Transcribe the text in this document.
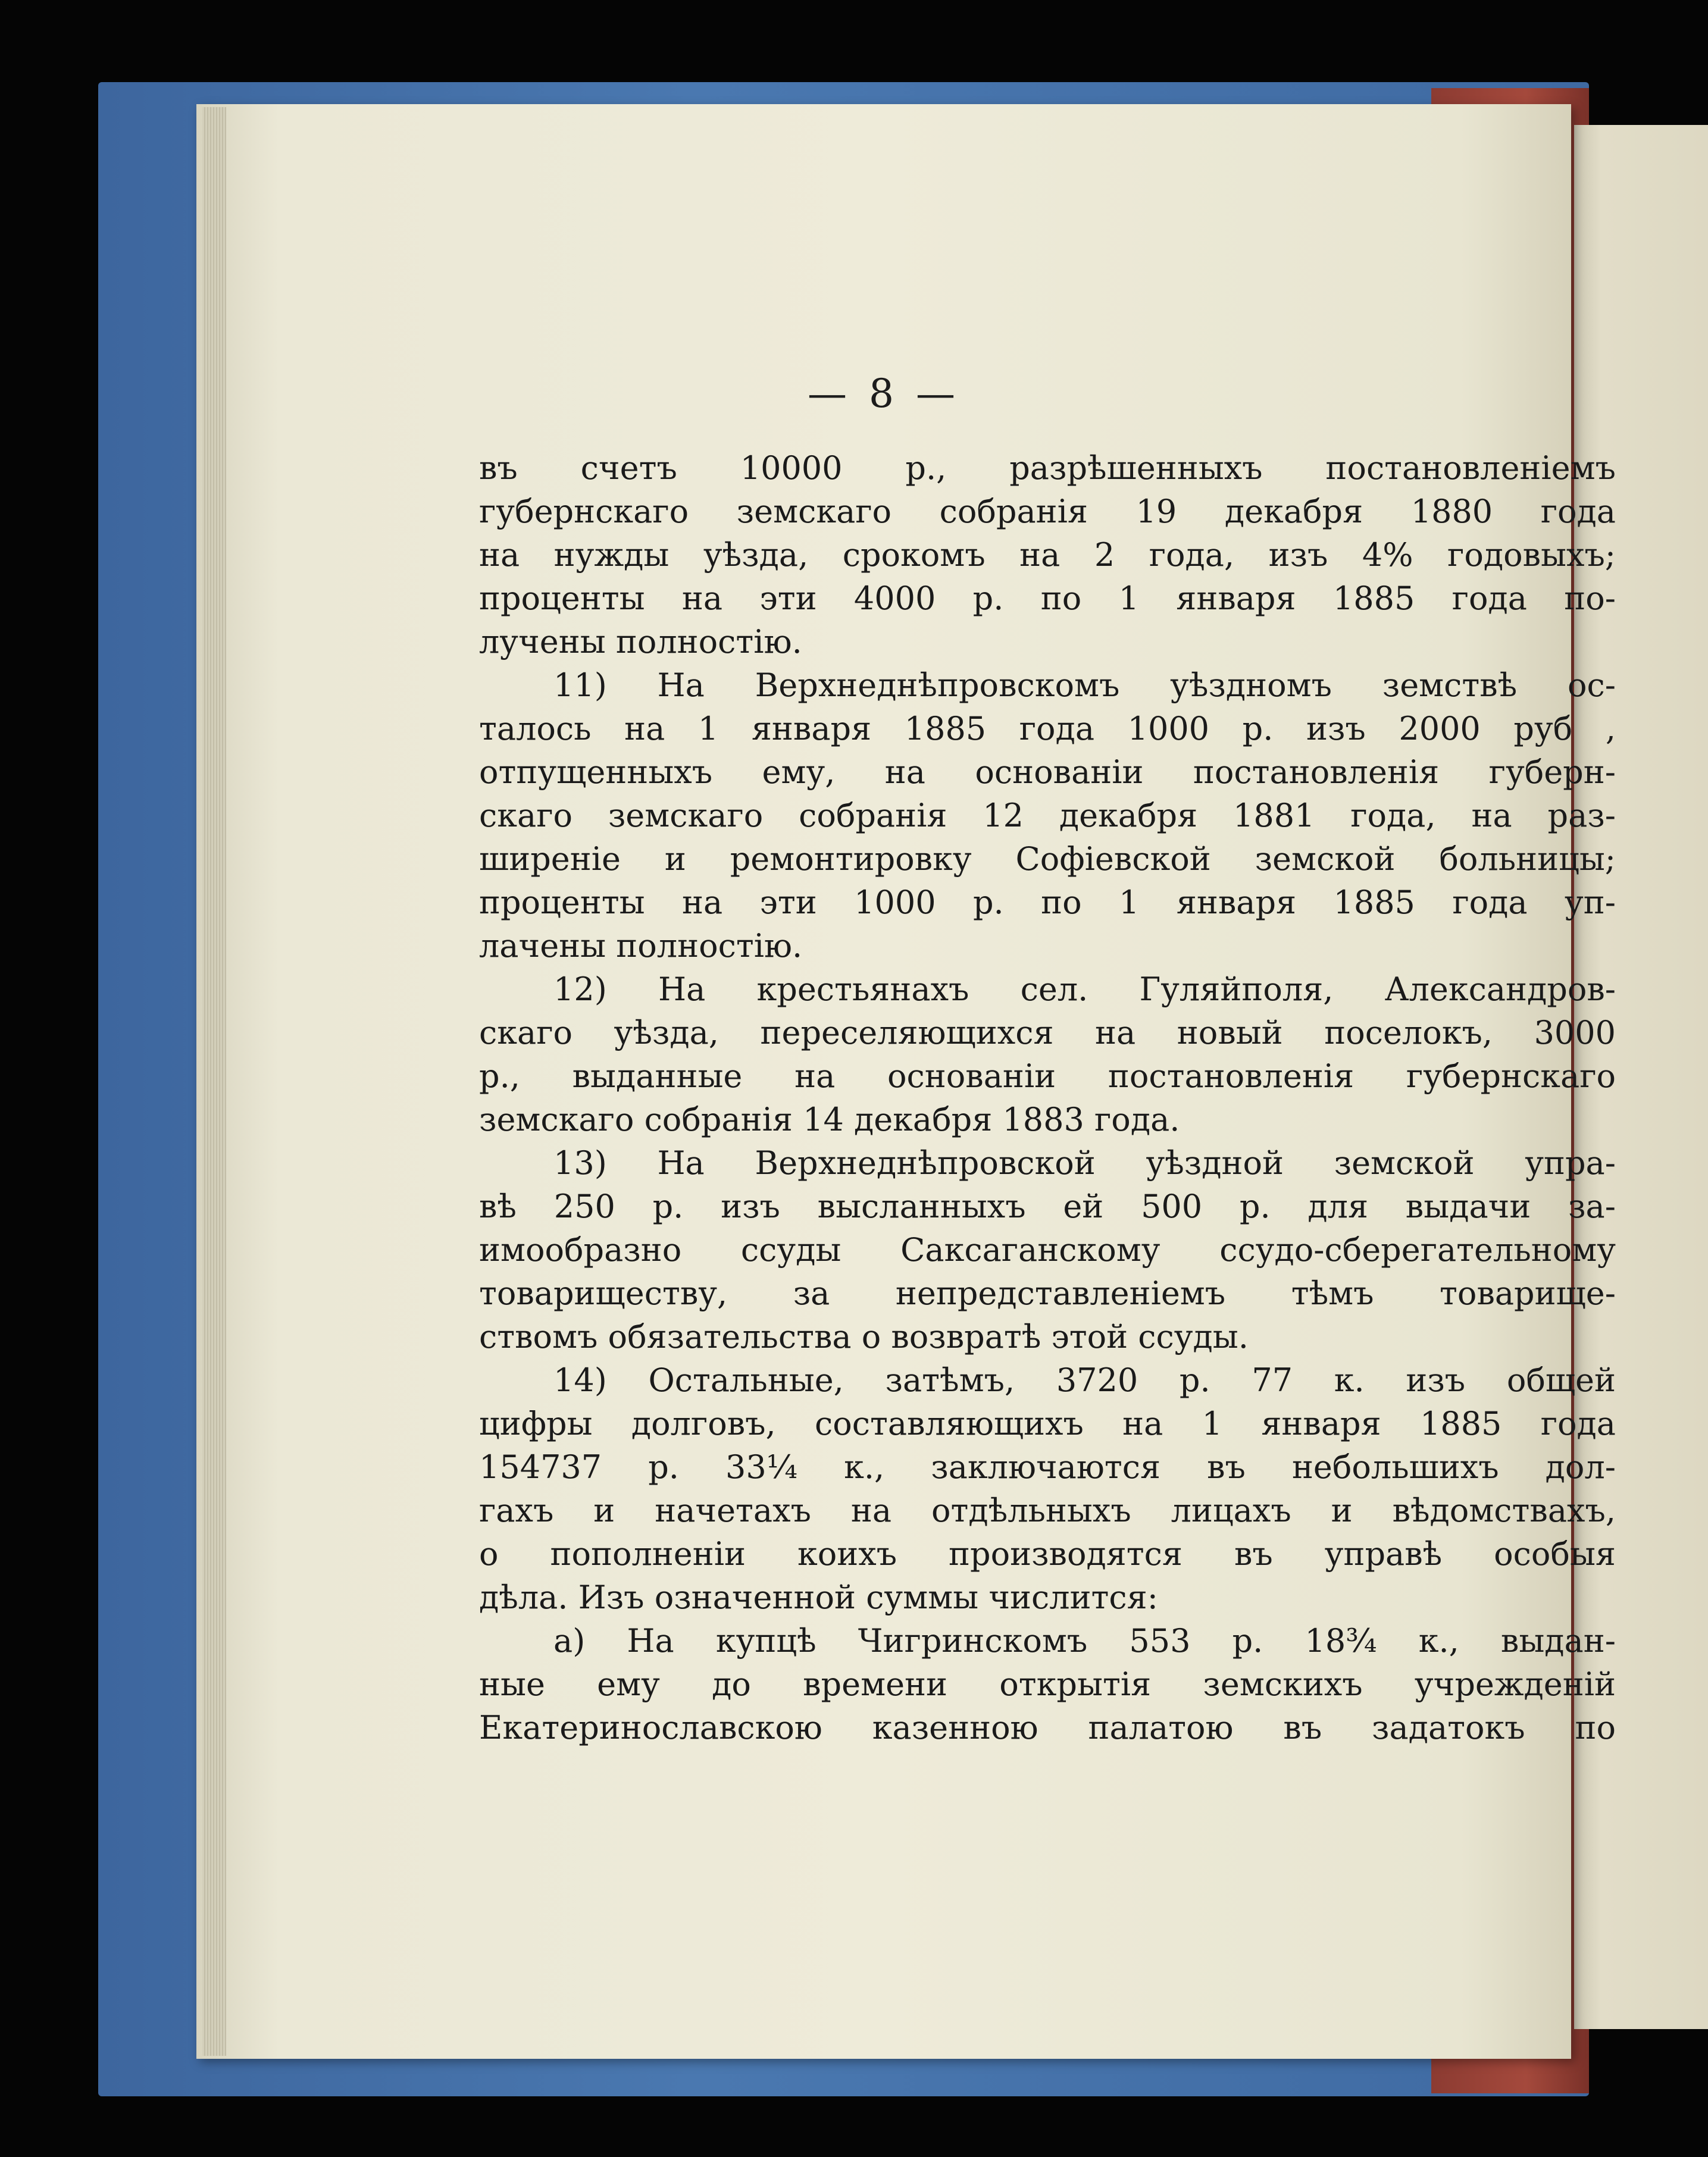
— 8 —
въ счетъ 10000 р., разрѣшенныхъ постановленіемъ
губернскаго земскаго собранія 19 декабря 1880 года
на нужды уѣзда, срокомъ на 2 года, изъ 4% годовыхъ;
проценты на эти 4000 р. по 1 января 1885 года по-
лучены полностію.
11) На Верхнеднѣпровскомъ уѣздномъ земствѣ ос-
талось на 1 января 1885 года 1000 р. изъ 2000 руб ,
отпущенныхъ ему, на основаніи постановленія губерн-
скаго земскаго собранія 12 декабря 1881 года, на раз-
ширеніе и ремонтировку Софіевской земской больницы;
проценты на эти 1000 р. по 1 января 1885 года уп-
лачены полностію.
12) На крестьянахъ сел. Гуляйполя, Александров-
скаго уѣзда, переселяющихся на новый поселокъ, 3000
р., выданные на основаніи постановленія губернскаго
земскаго собранія 14 декабря 1883 года.
13) На Верхнеднѣпровской уѣздной земской упра-
вѣ 250 р. изъ высланныхъ ей 500 р. для выдачи за-
имообразно ссуды Саксаганскому ссудо-сберегательному
товариществу, за непредставленіемъ тѣмъ товарище-
ствомъ обязательства о возвратѣ этой ссуды.
14) Остальные, затѣмъ, 3720 р. 77 к. изъ общей
цифры долговъ, составляющихъ на 1 января 1885 года
154737 р. 33¼ к., заключаются въ небольшихъ дол-
гахъ и начетахъ на отдѣльныхъ лицахъ и вѣдомствахъ,
о пополненіи коихъ производятся въ управѣ особыя
дѣла. Изъ означенной суммы числится:
а) На купцѣ Чигринскомъ 553 р. 18¾ к., выдан-
ные ему до времени открытія земскихъ учрежденій
Екатеринославскою казенною палатою въ задатокъ по
